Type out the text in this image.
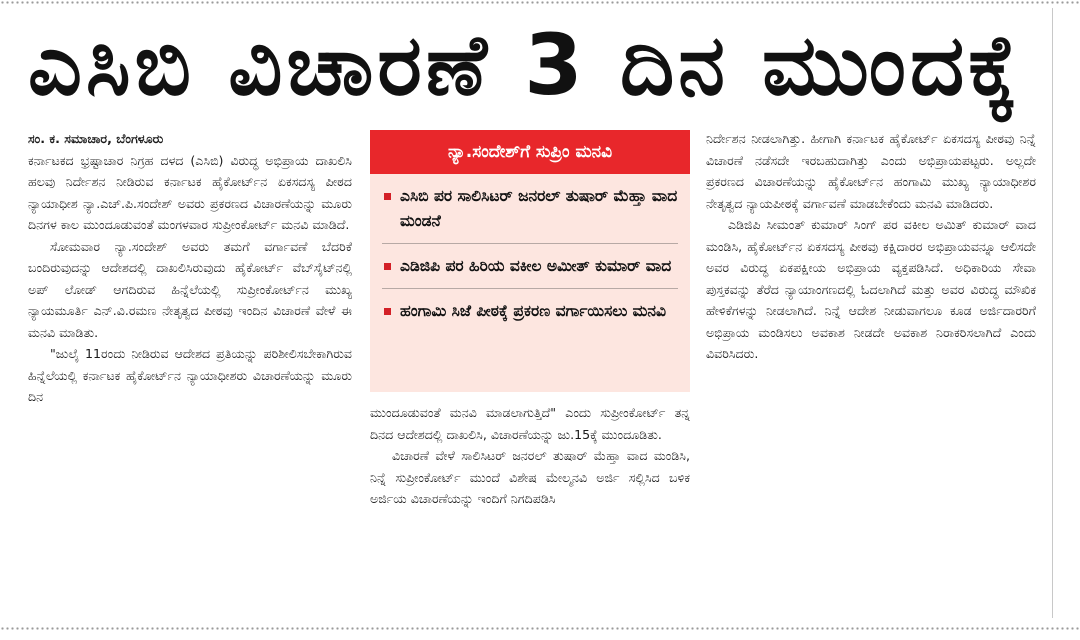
ಎಸಿಬಿ ವಿಚಾರಣೆ 3 ದಿನ ಮುಂದಕ್ಕೆ

ಸಂ. ಕ. ಸಮಾಚಾರ, ಬೆಂಗಳೂರು

ಕರ್ನಾಟಕದ ಭ್ರಷ್ಟಾಚಾರ ನಿಗ್ರಹ ದಳದ (ಎಸಿಬಿ) ವಿರುದ್ಧ ಅಭಿಪ್ರಾಯ ದಾಖಲಿಸಿ ಹಲವು ನಿರ್ದೇಶನ ನೀಡಿರುವ ಕರ್ನಾಟಕ ಹೈಕೋರ್ಟ್‌ನ ಏಕಸದಸ್ಯ ಪೀಠದ ನ್ಯಾಯಾಧೀಶ ನ್ಯಾ.ಎಚ್.ಪಿ.ಸಂದೇಶ್ ಅವರು ಪ್ರಕರಣದ ವಿಚಾರಣೆಯನ್ನು ಮೂರು ದಿನಗಳ ಕಾಲ ಮುಂದೂಡುವಂತೆ ಮಂಗಳವಾರ ಸುಪ್ರೀಂಕೋರ್ಟ್ ಮನವಿ ಮಾಡಿದೆ.

ಸೋಮವಾರ ನ್ಯಾ.ಸಂದೇಶ್ ಅವರು ತಮಗೆ ವರ್ಗಾವಣೆ ಬೆದರಿಕೆ ಬಂದಿರುವುದನ್ನು ಆದೇಶದಲ್ಲಿ ದಾಖಲಿಸಿರುವುದು ಹೈಕೋರ್ಟ್ ವೆಬ್‌ಸೈಟ್‌ನಲ್ಲಿ ಅಪ್ ಲೋಡ್ ಆಗದಿರುವ ಹಿನ್ನೆಲೆಯಲ್ಲಿ ಸುಪ್ರೀಂಕೋರ್ಟ್‌ನ ಮುಖ್ಯ ನ್ಯಾಯಮೂರ್ತಿ ಎನ್.ವಿ.ರಮಣ ನೇತೃತ್ವದ ಪೀಠವು ಇಂದಿನ ವಿಚಾರಣೆ ವೇಳೆ ಈ ಮನವಿ ಮಾಡಿತು.

"ಜುಲೈ 11ರಂದು ನೀಡಿರುವ ಆದೇಶದ ಪ್ರತಿಯನ್ನು ಪರಿಶೀಲಿಸಬೇಕಾಗಿರುವ ಹಿನ್ನೆಲೆಯಲ್ಲಿ ಕರ್ನಾಟಕ ಹೈಕೋರ್ಟ್‌ನ ನ್ಯಾಯಾಧೀಶರು ವಿಚಾರಣೆಯನ್ನು ಮೂರು ದಿನ

ನ್ಯಾ.ಸಂದೇಶ್‌ಗೆ ಸುಪ್ರಿಂ ಮನವಿ
ಎಸಿಬಿ ಪರ ಸಾಲಿಸಿಟರ್ ಜನರಲ್ ತುಷಾರ್ ಮೆಹ್ತಾ ವಾದ ಮಂಡನೆ
ಎಡಿಜಿಪಿ ಪರ ಹಿರಿಯ ವಕೀಲ ಅಮೀತ್ ಕುಮಾರ್ ವಾದ
ಹಂಗಾಮಿ ಸಿಜೆ ಪೀಠಕ್ಕೆ ಪ್ರಕರಣ ವರ್ಗಾಯಿಸಲು ಮನವಿ

ಮುಂದೂಡುವಂತೆ ಮನವಿ ಮಾಡಲಾಗುತ್ತಿದೆ" ಎಂದು ಸುಪ್ರೀಂಕೋರ್ಟ್ ತನ್ನ ದಿನದ ಆದೇಶದಲ್ಲಿ ದಾಖಲಿಸಿ, ವಿಚಾರಣೆಯನ್ನು ಜು.15ಕ್ಕೆ ಮುಂದೂಡಿತು.

ವಿಚಾರಣೆ ವೇಳೆ ಸಾಲಿಸಿಟರ್ ಜನರಲ್ ತುಷಾರ್ ಮೆಹ್ತಾ ವಾದ ಮಂಡಿಸಿ, ನಿನ್ನೆ ಸುಪ್ರೀಂಕೋರ್ಟ್ ಮುಂದೆ ವಿಶೇಷ ಮೇಲ್ಮನವಿ ಅರ್ಜಿ ಸಲ್ಲಿಸಿದ ಬಳಿಕ ಅರ್ಜಿಯ ವಿಚಾರಣೆಯನ್ನು ಇಂದಿಗೆ ನಿಗದಿಪಡಿಸಿ

ನಿರ್ದೇಶನ ನೀಡಲಾಗಿತ್ತು. ಹೀಗಾಗಿ ಕರ್ನಾಟಕ ಹೈಕೋರ್ಟ್ ಏಕಸದಸ್ಯ ಪೀಠವು ನಿನ್ನೆ ವಿಚಾರಣೆ ನಡೆಸದೇ ಇರಬಹುದಾಗಿತ್ತು ಎಂದು ಅಭಿಪ್ರಾಯಪಟ್ಟರು. ಅಲ್ಲದೇ ಪ್ರಕರಣದ ವಿಚಾರಣೆಯನ್ನು ಹೈಕೋರ್ಟ್‌ನ ಹಂಗಾಮಿ ಮುಖ್ಯ ನ್ಯಾಯಾಧೀಶರ ನೇತೃತ್ವದ ನ್ಯಾಯಪೀಠಕ್ಕೆ ವರ್ಗಾವಣೆ ಮಾಡಬೇಕೆಂದು ಮನವಿ ಮಾಡಿದರು.

ಎಡಿಜಿಪಿ ಸೀಮಂತ್ ಕುಮಾರ್ ಸಿಂಗ್ ಪರ ವಕೀಲ ಅಮಿತ್ ಕುಮಾರ್ ವಾದ ಮಂಡಿಸಿ, ಹೈಕೋರ್ಟ್‌ನ ಏಕಸದಸ್ಯ ಪೀಠವು ಕಕ್ಷಿದಾರರ ಅಭಿಪ್ರಾಯವನ್ನೂ ಆಲಿಸದೇ ಅವರ ವಿರುದ್ಧ ಏಕಪಕ್ಷೀಯ ಅಭಿಪ್ರಾಯ ವ್ಯಕ್ತಪಡಿಸಿದೆ. ಅಧಿಕಾರಿಯ ಸೇವಾ ಪುಸ್ತಕವನ್ನು ತೆರೆದ ನ್ಯಾಯಾಂಗಣದಲ್ಲಿ ಓದಲಾಗಿದೆ ಮತ್ತು ಅವರ ವಿರುದ್ಧ ಮೌಖಿಕ ಹೇಳಿಕೆಗಳನ್ನು ನೀಡಲಾಗಿದೆ. ನಿನ್ನೆ ಆದೇಶ ನೀಡುವಾಗಲೂ ಕೂಡ ಅರ್ಜಿದಾರರಿಗೆ ಅಭಿಪ್ರಾಯ ಮಂಡಿಸಲು ಅವಕಾಶ ನೀಡದೇ ಅವಕಾಶ ನಿರಾಕರಿಸಲಾಗಿದೆ ಎಂದು ವಿವರಿಸಿದರು.
